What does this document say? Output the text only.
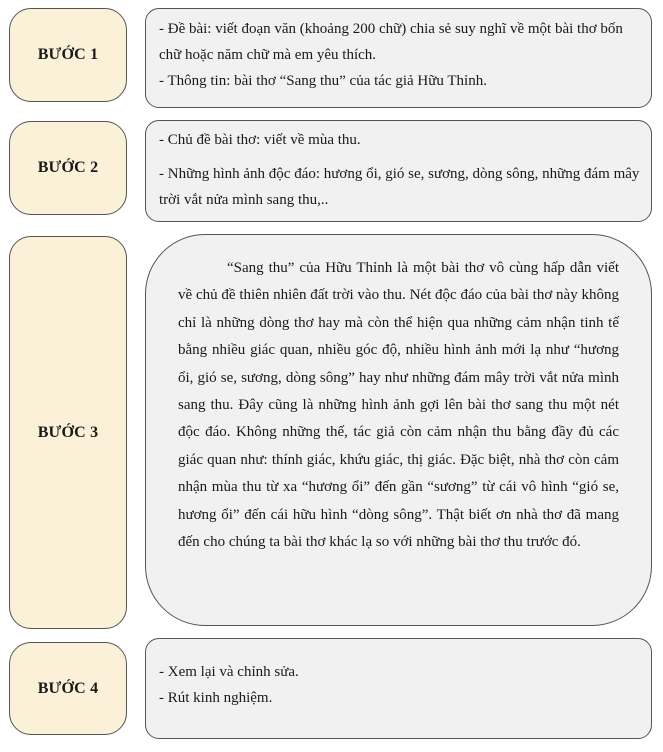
BƯỚC 1

- Đề bài: viết đoạn văn (khoảng 200 chữ) chia sẻ suy nghĩ về một bài thơ bốn chữ hoặc năm chữ mà em yêu thích.

- Thông tin: bài thơ “Sang thu” của tác giả Hữu Thỉnh.

BƯỚC 2

- Chủ đề bài thơ: viết về mùa thu.

- Những hình ảnh độc đáo: hương ổi, gió se, sương, dòng sông, những đám mây trời vắt nửa mình sang thu,..

BƯỚC 3

“Sang thu” của Hữu Thỉnh là một bài thơ vô cùng hấp dẫn viết về chủ đề thiên nhiên đất trời vào thu. Nét độc đáo của bài thơ này không chỉ là những dòng thơ hay mà còn thể hiện qua những cảm nhận tinh tế bằng nhiều giác quan, nhiều góc độ, nhiều hình ảnh mới lạ như “hương ổi, gió se, sương, dòng sông” hay như những đám mây trời vắt nửa mình sang thu. Đây cũng là những hình ảnh gợi lên bài thơ sang thu một nét độc đáo. Không những thế, tác giả còn cảm nhận thu bằng đầy đủ các giác quan như: thính giác, khứu giác, thị giác. Đặc biệt, nhà thơ còn cảm nhận mùa thu từ xa “hương ổi” đến gần “sương” từ cái vô hình “gió se, hương ổi” đến cái hữu hình “dòng sông”. Thật biết ơn nhà thơ đã mang đến cho chúng ta bài thơ khác lạ so với những bài thơ thu trước đó.

BƯỚC 4

- Xem lại và chỉnh sửa.

- Rút kinh nghiệm.
